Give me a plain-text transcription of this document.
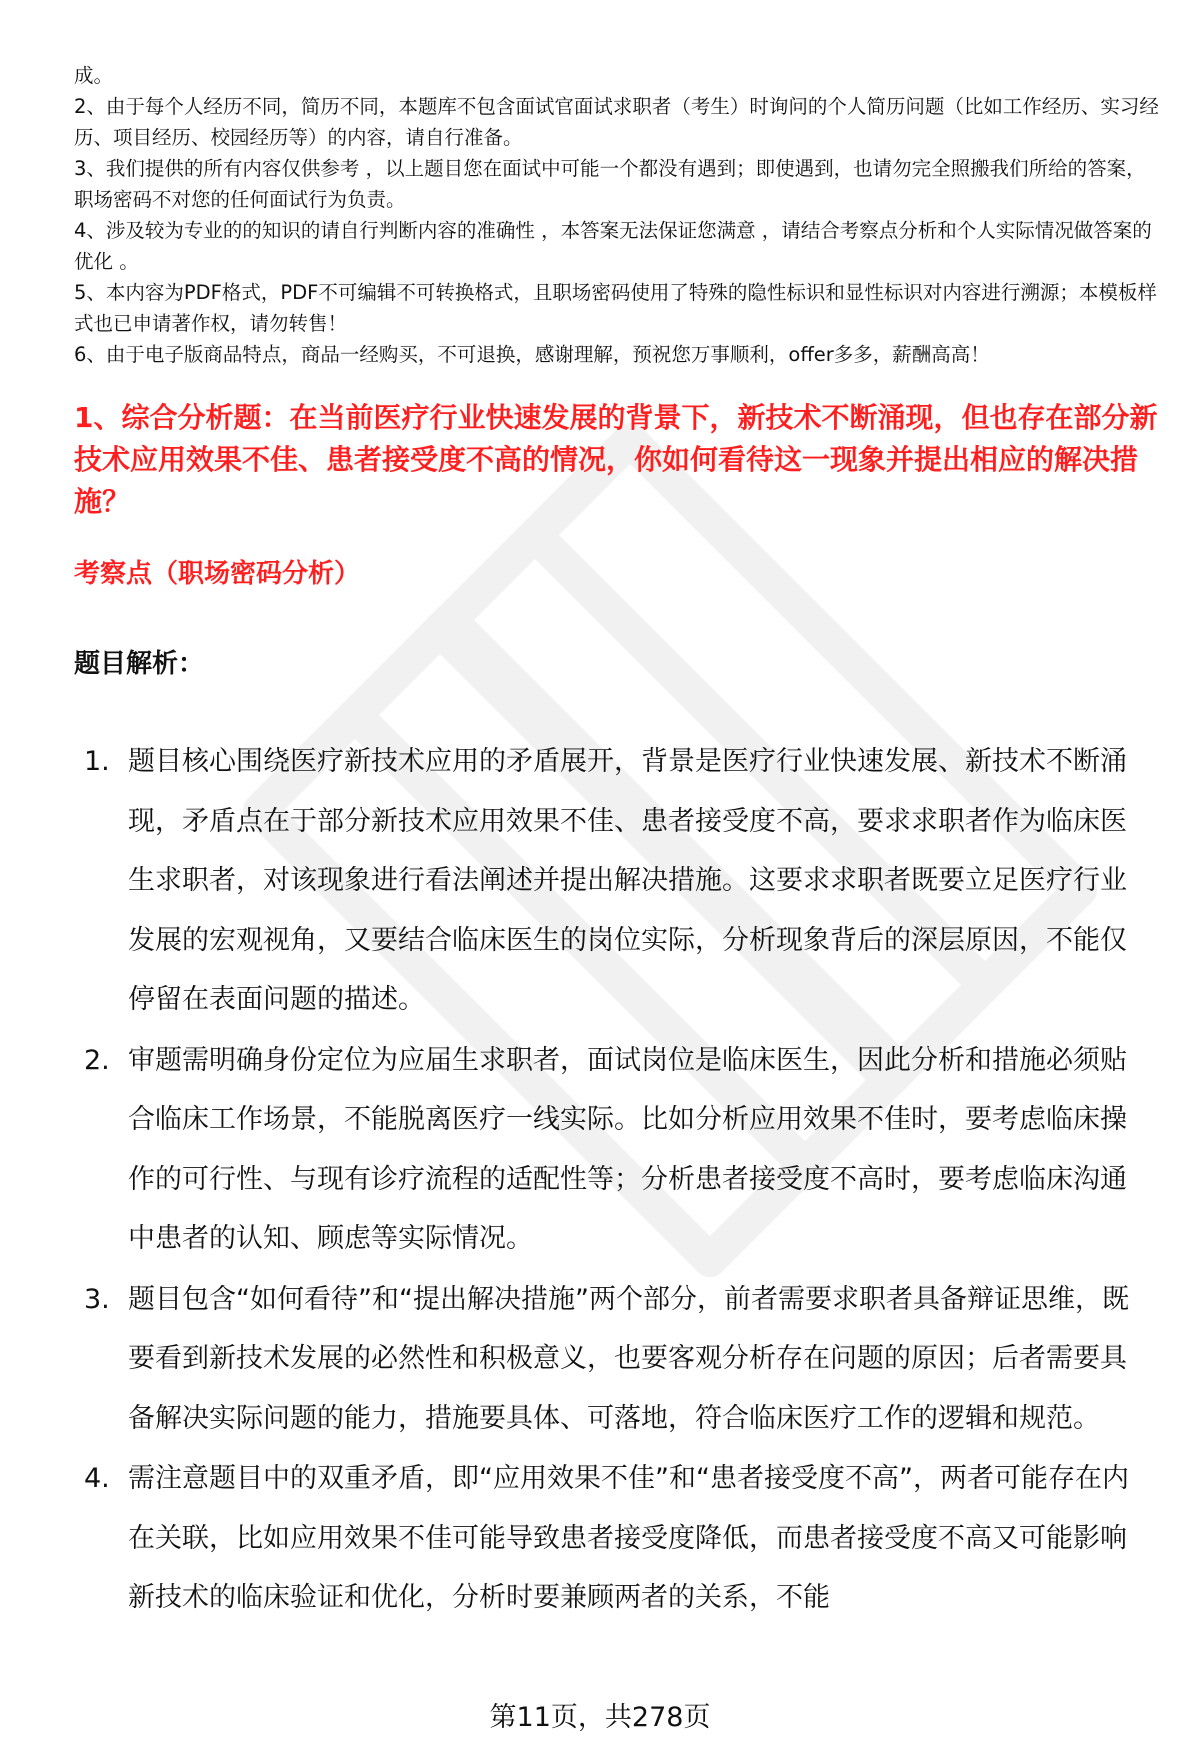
成。

2、由于每个人经历不同，简历不同，本题库不包含面试官面试求职者（考生）时询问的个人简历问题（比如工作经历、实习经历、项目经历、校园经历等）的内容，请自行准备。

3、我们提供的所有内容仅供参考 ，以上题目您在面试中可能一个都没有遇到；即使遇到，也请勿完全照搬我们所给的答案，职场密码不对您的任何面试行为负责。

4、涉及较为专业的的知识的请自行判断内容的准确性 ，本答案无法保证您满意 ，请结合考察点分析和个人实际情况做答案的优化 。

5、本内容为PDF格式，PDF不可编辑不可转换格式，且职场密码使用了特殊的隐性标识和显性标识对内容进行溯源；本模板样式也已申请著作权，请勿转售！

6、由于电子版商品特点，商品一经购买，不可退换，感谢理解，预祝您万事顺利，offer多多，薪酬高高！

1、综合分析题：在当前医疗行业快速发展的背景下，新技术不断涌现，但也存在部分新技术应用效果不佳、患者接受度不高的情况，你如何看待这一现象并提出相应的解决措施？
考察点（职场密码分析）
题目解析：
1. 题目核心围绕医疗新技术应用的矛盾展开，背景是医疗行业快速发展、新技术不断涌现，矛盾点在于部分新技术应用效果不佳、患者接受度不高，要求求职者作为临床医生求职者，对该现象进行看法阐述并提出解决措施。这要求求职者既要立足医疗行业发展的宏观视角，又要结合临床医生的岗位实际，分析现象背后的深层原因，不能仅停留在表面问题的描述。
2. 审题需明确身份定位为应届生求职者，面试岗位是临床医生，因此分析和措施必须贴合临床工作场景，不能脱离医疗一线实际。比如分析应用效果不佳时，要考虑临床操作的可行性、与现有诊疗流程的适配性等；分析患者接受度不高时，要考虑临床沟通中患者的认知、顾虑等实际情况。
3. 题目包含“如何看待”和“提出解决措施”两个部分，前者需要求职者具备辩证思维，既要看到新技术发展的必然性和积极意义，也要客观分析存在问题的原因；后者需要具备解决实际问题的能力，措施要具体、可落地，符合临床医疗工作的逻辑和规范。
4. 需注意题目中的双重矛盾，即“应用效果不佳”和“患者接受度不高”，两者可能存在内在关联，比如应用效果不佳可能导致患者接受度降低，而患者接受度不高又可能影响新技术的临床验证和优化，分析时要兼顾两者的关系，不能
第11页，共278页
